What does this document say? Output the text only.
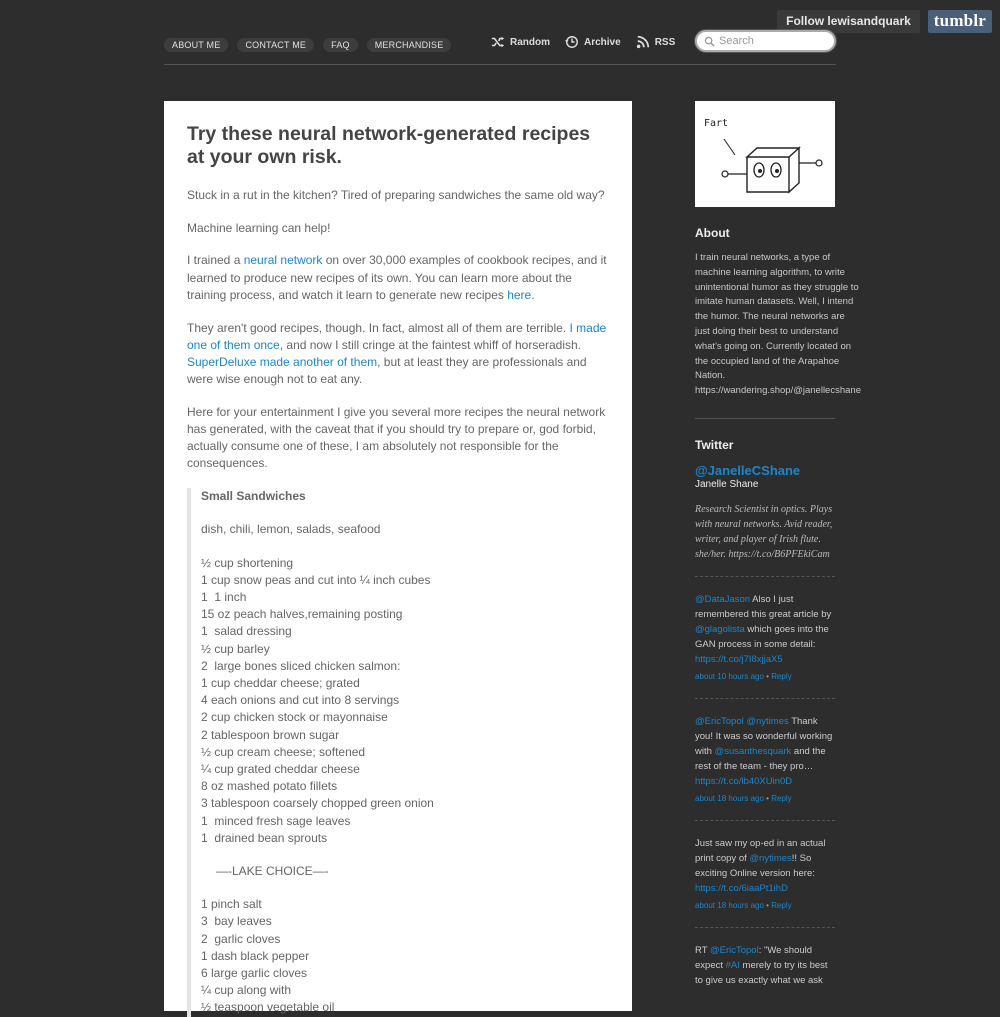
Follow lewisandquark	tumblr
ABOUT ME	CONTACT ME	FAQ	MERCHANDISE	Random	Archive	RSS
Search
Try these neural network-generated recipes at your own risk.

Stuck in a rut in the kitchen? Tired of preparing sandwiches the same old way?

Machine learning can help!

I trained a neural network on over 30,000 examples of cookbook recipes, and it learned to produce new recipes of its own. You can learn more about the training process, and watch it learn to generate new recipes here.

They aren't good recipes, though. In fact, almost all of them are terrible. I made one of them once, and now I still cringe at the faintest whiff of horseradish. SuperDeluxe made another of them, but at least they are professionals and were wise enough not to eat any.

Here for your entertainment I give you several more recipes the neural network has generated, with the caveat that if you should try to prepare or, god forbid, actually consume one of these, I am absolutely not responsible for the consequences.

Small Sandwiches
dish, chili, lemon, salads, seafood
½ cup shortening
1 cup snow peas and cut into ¼ inch cubes
1  1 inch
15 oz peach halves,remaining posting
1  salad dressing
½ cup barley
2  large bones sliced chicken salmon:
1 cup cheddar cheese; grated
4 each onions and cut into 8 servings
2 cup chicken stock or mayonnaise
2 tablespoon brown sugar
½ cup cream cheese; softened
¼ cup grated cheddar cheese
8 oz mashed potato fillets
3 tablespoon coarsely chopped green onion
1  minced fresh sage leaves
1  drained bean sprouts
—-LAKE CHOICE—-
1 pinch salt
3  bay leaves
2  garlic cloves
1 dash black pepper
6 large garlic cloves
¼ cup along with
½ teaspoon vegetable oil
Fart
About
I train neural networks, a type of machine learning algorithm, to write unintentional humor as they struggle to imitate human datasets. Well, I intend the humor. The neural networks are just doing their best to understand what's going on. Currently located on the occupied land of the Arapahoe Nation.
https://wandering.shop/@janellecshane
Twitter
@JanelleCShane
Janelle Shane
Research Scientist in optics. Plays with neural networks. Avid reader, writer, and player of Irish flute. she/her. https://t.co/B6PFEkiCam
@DataJason Also I just remembered this great article by @glagolista which goes into the GAN process in some detail: https://t.co/j7I8xjjaX5
about 10 hours ago • Reply
@EricTopol @nytimes Thank you! It was so wonderful working with @susanthesquark and the rest of the team - they pro… https://t.co/lb40XUin0D
about 18 hours ago • Reply
Just saw my op-ed in an actual print copy of @nytimes!! So exciting Online version here: https://t.co/6iaaPt1ihD
about 18 hours ago • Reply
RT @EricTopol: "We should expect #AI merely to try its best to give us exactly what we ask
